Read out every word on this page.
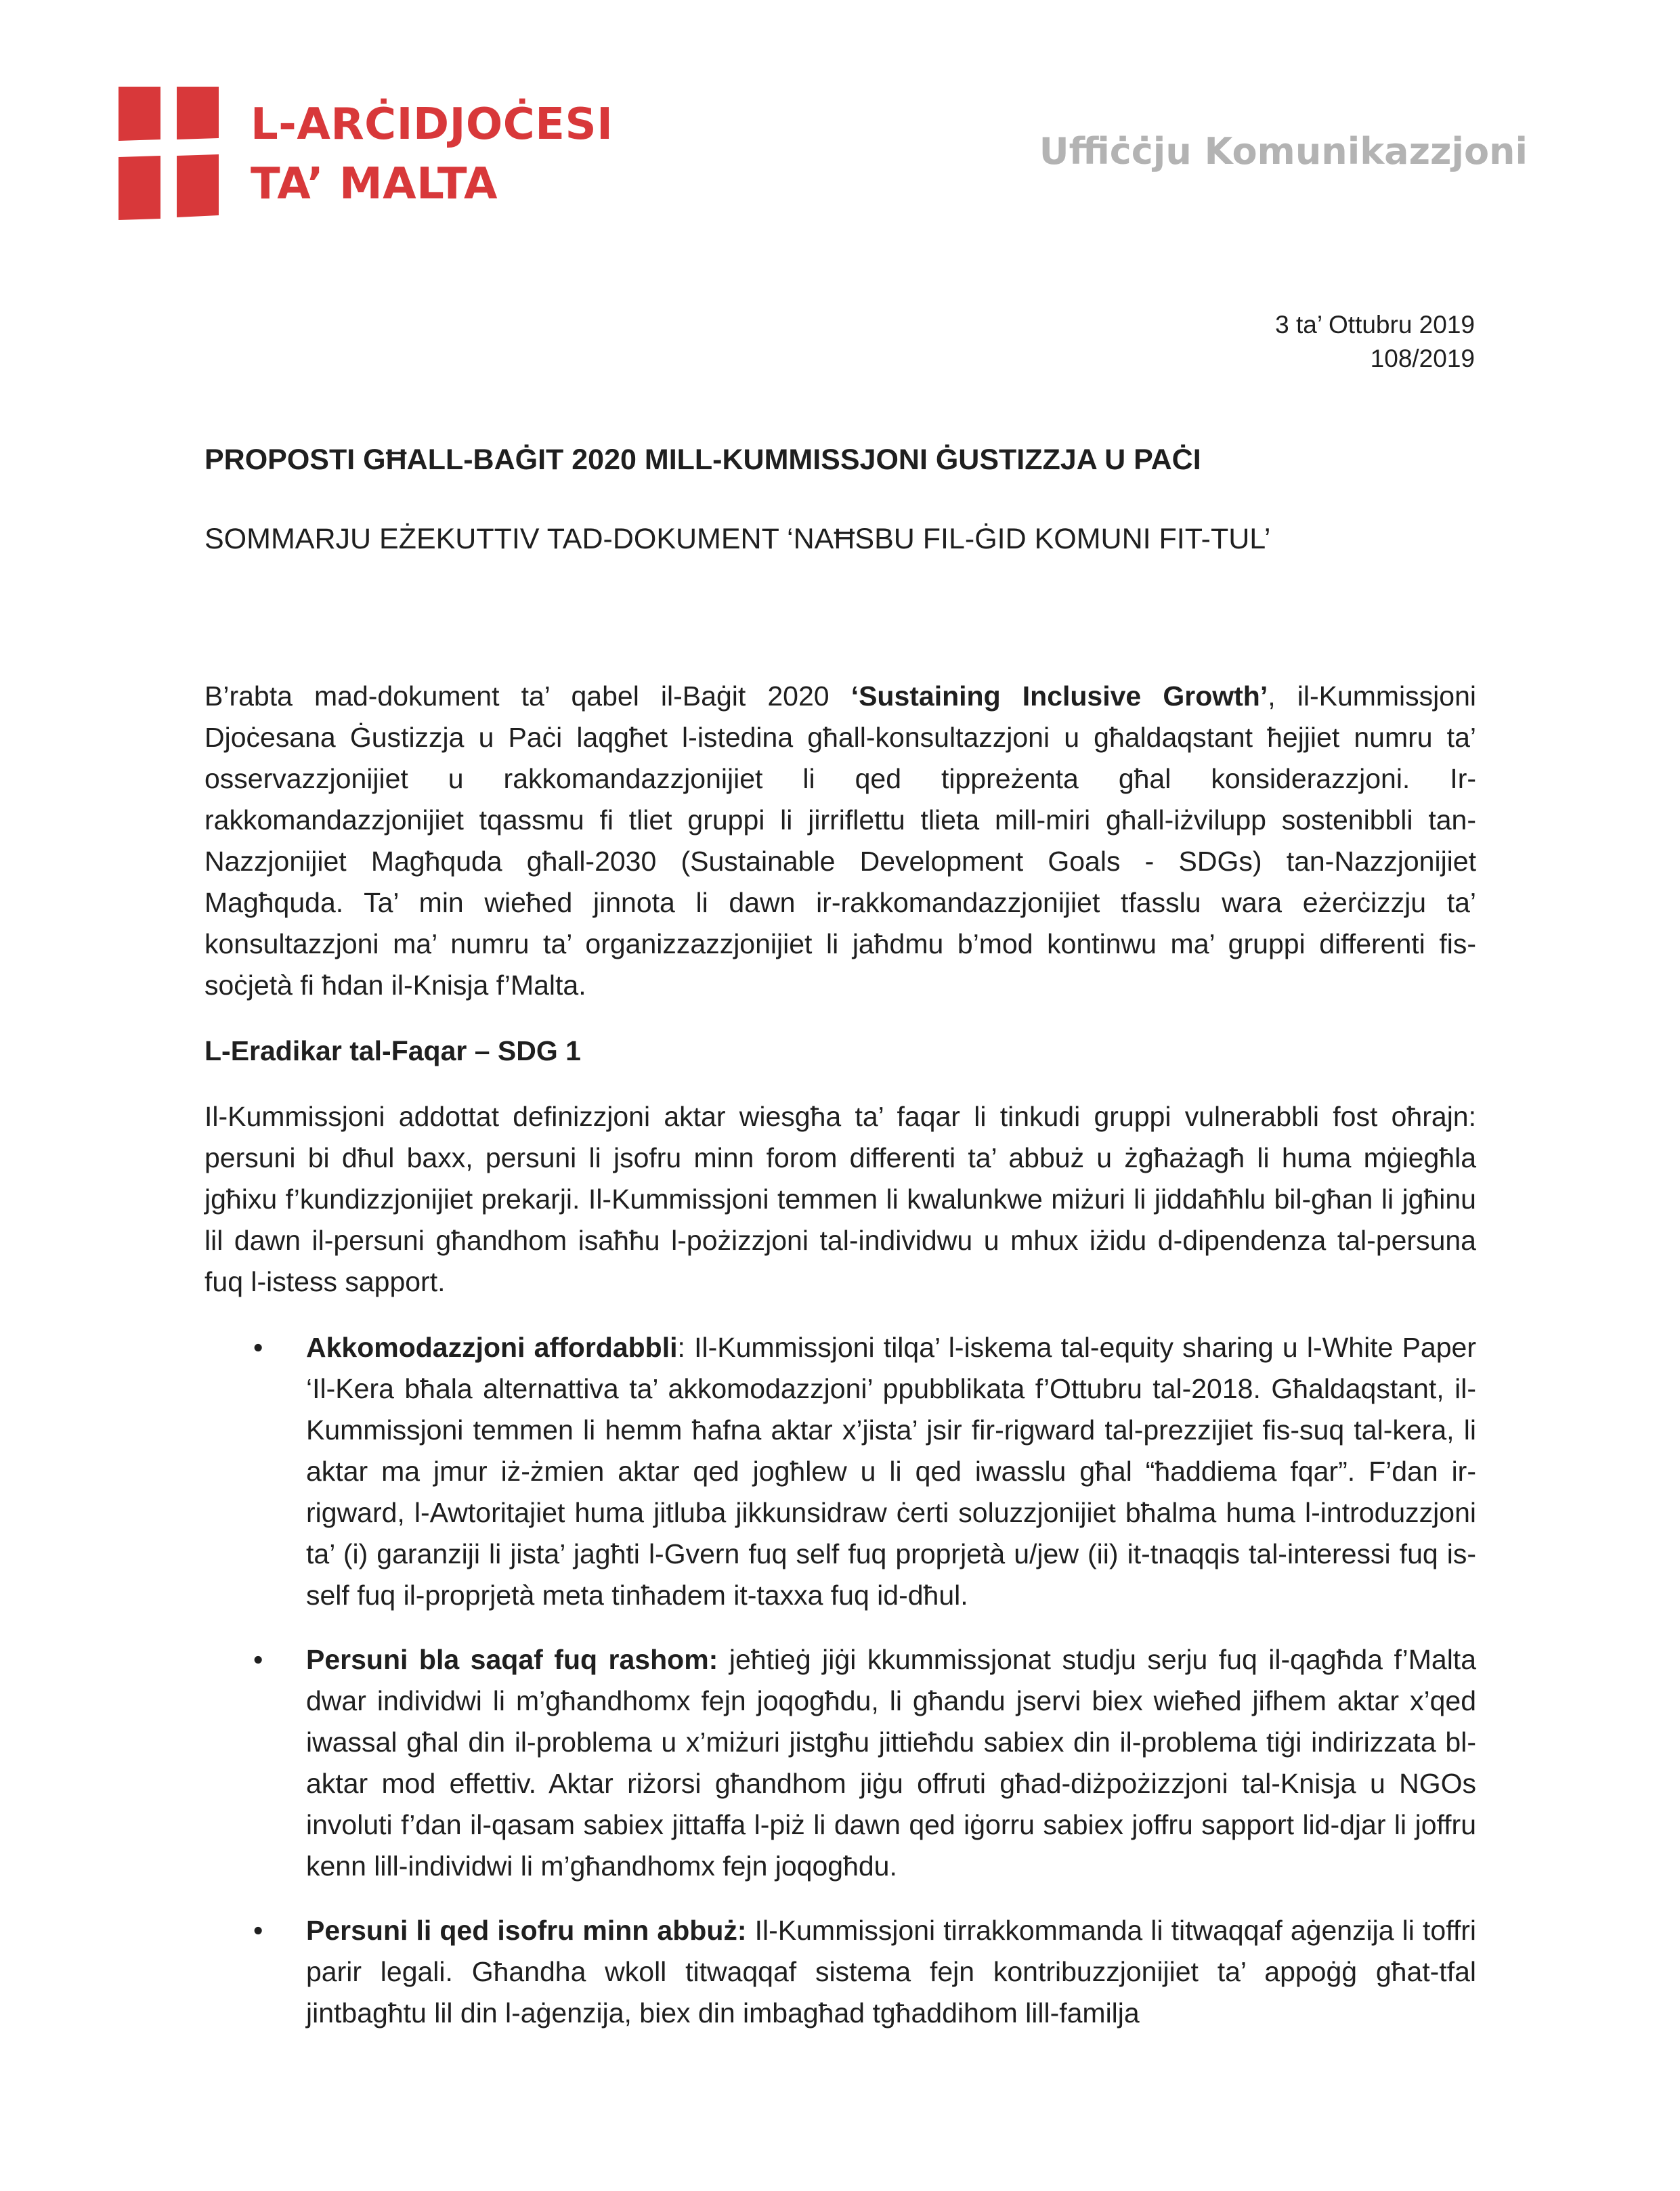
L-ARĊIDJOĊESI
TA’ MALTA
Uffiċċju Komunikazzjoni
3 ta’ Ottubru 2019
108/2019
PROPOSTI GĦALL-BAĠIT 2020 MILL-KUMMISSJONI ĠUSTIZZJA U PAĊI
SOMMARJU EŻEKUTTIV TAD-DOKUMENT ‘NAĦSBU FIL-ĠID KOMUNI FIT-TUL’

B’rabta mad-dokument ta’ qabel il-Baġit 2020 ‘Sustaining Inclusive Growth’, il-Kummissjoni Djoċesana Ġustizzja u Paċi laqgħet l-istedina għall-konsultazzjoni u għaldaqstant ħejjiet numru ta’ osservazzjonijiet u rakkomandazzjonijiet li qed tippreżenta għal konsiderazzjoni. Ir-rakkomandazzjonijiet tqassmu fi tliet gruppi li jirriflettu tlieta mill-miri għall-iżvilupp sostenibbli tan-Nazzjonijiet Magħquda għall-2030 (Sustainable Development Goals - SDGs) tan-Nazzjonijiet Magħquda. Ta’ min wieħed jinnota li dawn ir-rakkomandazzjonijiet tfasslu wara eżerċizzju ta’ konsultazzjoni ma’ numru ta’ organizzazzjonijiet li jaħdmu b’mod kontinwu ma’ gruppi differenti fis-soċjetà fi ħdan il-Knisja f’Malta.

L-Eradikar tal-Faqar – SDG 1

Il-Kummissjoni addottat definizzjoni aktar wiesgħa ta’ faqar li tinkudi gruppi vulnerabbli fost oħrajn: persuni bi dħul baxx, persuni li jsofru minn forom differenti ta’ abbuż u żgħażagħ li huma mġiegħla jgħixu f’kundizzjonijiet prekarji. Il-Kummissjoni temmen li kwalunkwe miżuri li jiddaħħlu bil-għan li jgħinu lil dawn il-persuni għandhom isaħħu l-pożizzjoni tal-individwu u mhux iżidu d-dipendenza tal-persuna fuq l-istess sapport.

• Akkomodazzjoni affordabbli: Il-Kummissjoni tilqa’ l-iskema tal-equity sharing u l-White Paper ‘Il-Kera bħala alternattiva ta’ akkomodazzjoni’ ppubblikata f’Ottubru tal-2018. Għaldaqstant, il-Kummissjoni temmen li hemm ħafna aktar x’jista’ jsir fir-rigward tal-prezzijiet fis-suq tal-kera, li aktar ma jmur iż-żmien aktar qed jogħlew u li qed iwasslu għal “ħaddiema fqar”. F’dan ir-rigward, l-Awtoritajiet huma jitluba jikkunsidraw ċerti soluzzjonijiet bħalma huma l-introduzzjoni ta’ (i) garanziji li jista’ jagħti l-Gvern fuq self fuq proprjetà u/jew (ii) it-tnaqqis tal-interessi fuq is-self fuq il-proprjetà meta tinħadem it-taxxa fuq id-dħul.
• Persuni bla saqaf fuq rashom: jeħtieġ jiġi kkummissjonat studju serju fuq il-qagħda f’Malta dwar individwi li m’għandhomx fejn joqogħdu, li għandu jservi biex wieħed jifhem aktar x’qed iwassal għal din il-problema u x’miżuri jistgħu jittieħdu sabiex din il-problema tiġi indirizzata bl-aktar mod effettiv. Aktar riżorsi għandhom jiġu offruti għad-diżpożizzjoni tal-Knisja u NGOs involuti f’dan il-qasam sabiex jittaffa l-piż li dawn qed iġorru sabiex joffru sapport lid-djar li joffru kenn lill-individwi li m’għandhomx fejn joqogħdu.
• Persuni li qed isofru minn abbuż: Il-Kummissjoni tirrakkommanda li titwaqqaf aġenzija li toffri parir legali. Għandha wkoll titwaqqaf sistema fejn kontribuzzjonijiet ta’ appoġġ għat-tfal jintbagħtu lil din l-aġenzija, biex din imbagħad tgħaddihom lill-familja
